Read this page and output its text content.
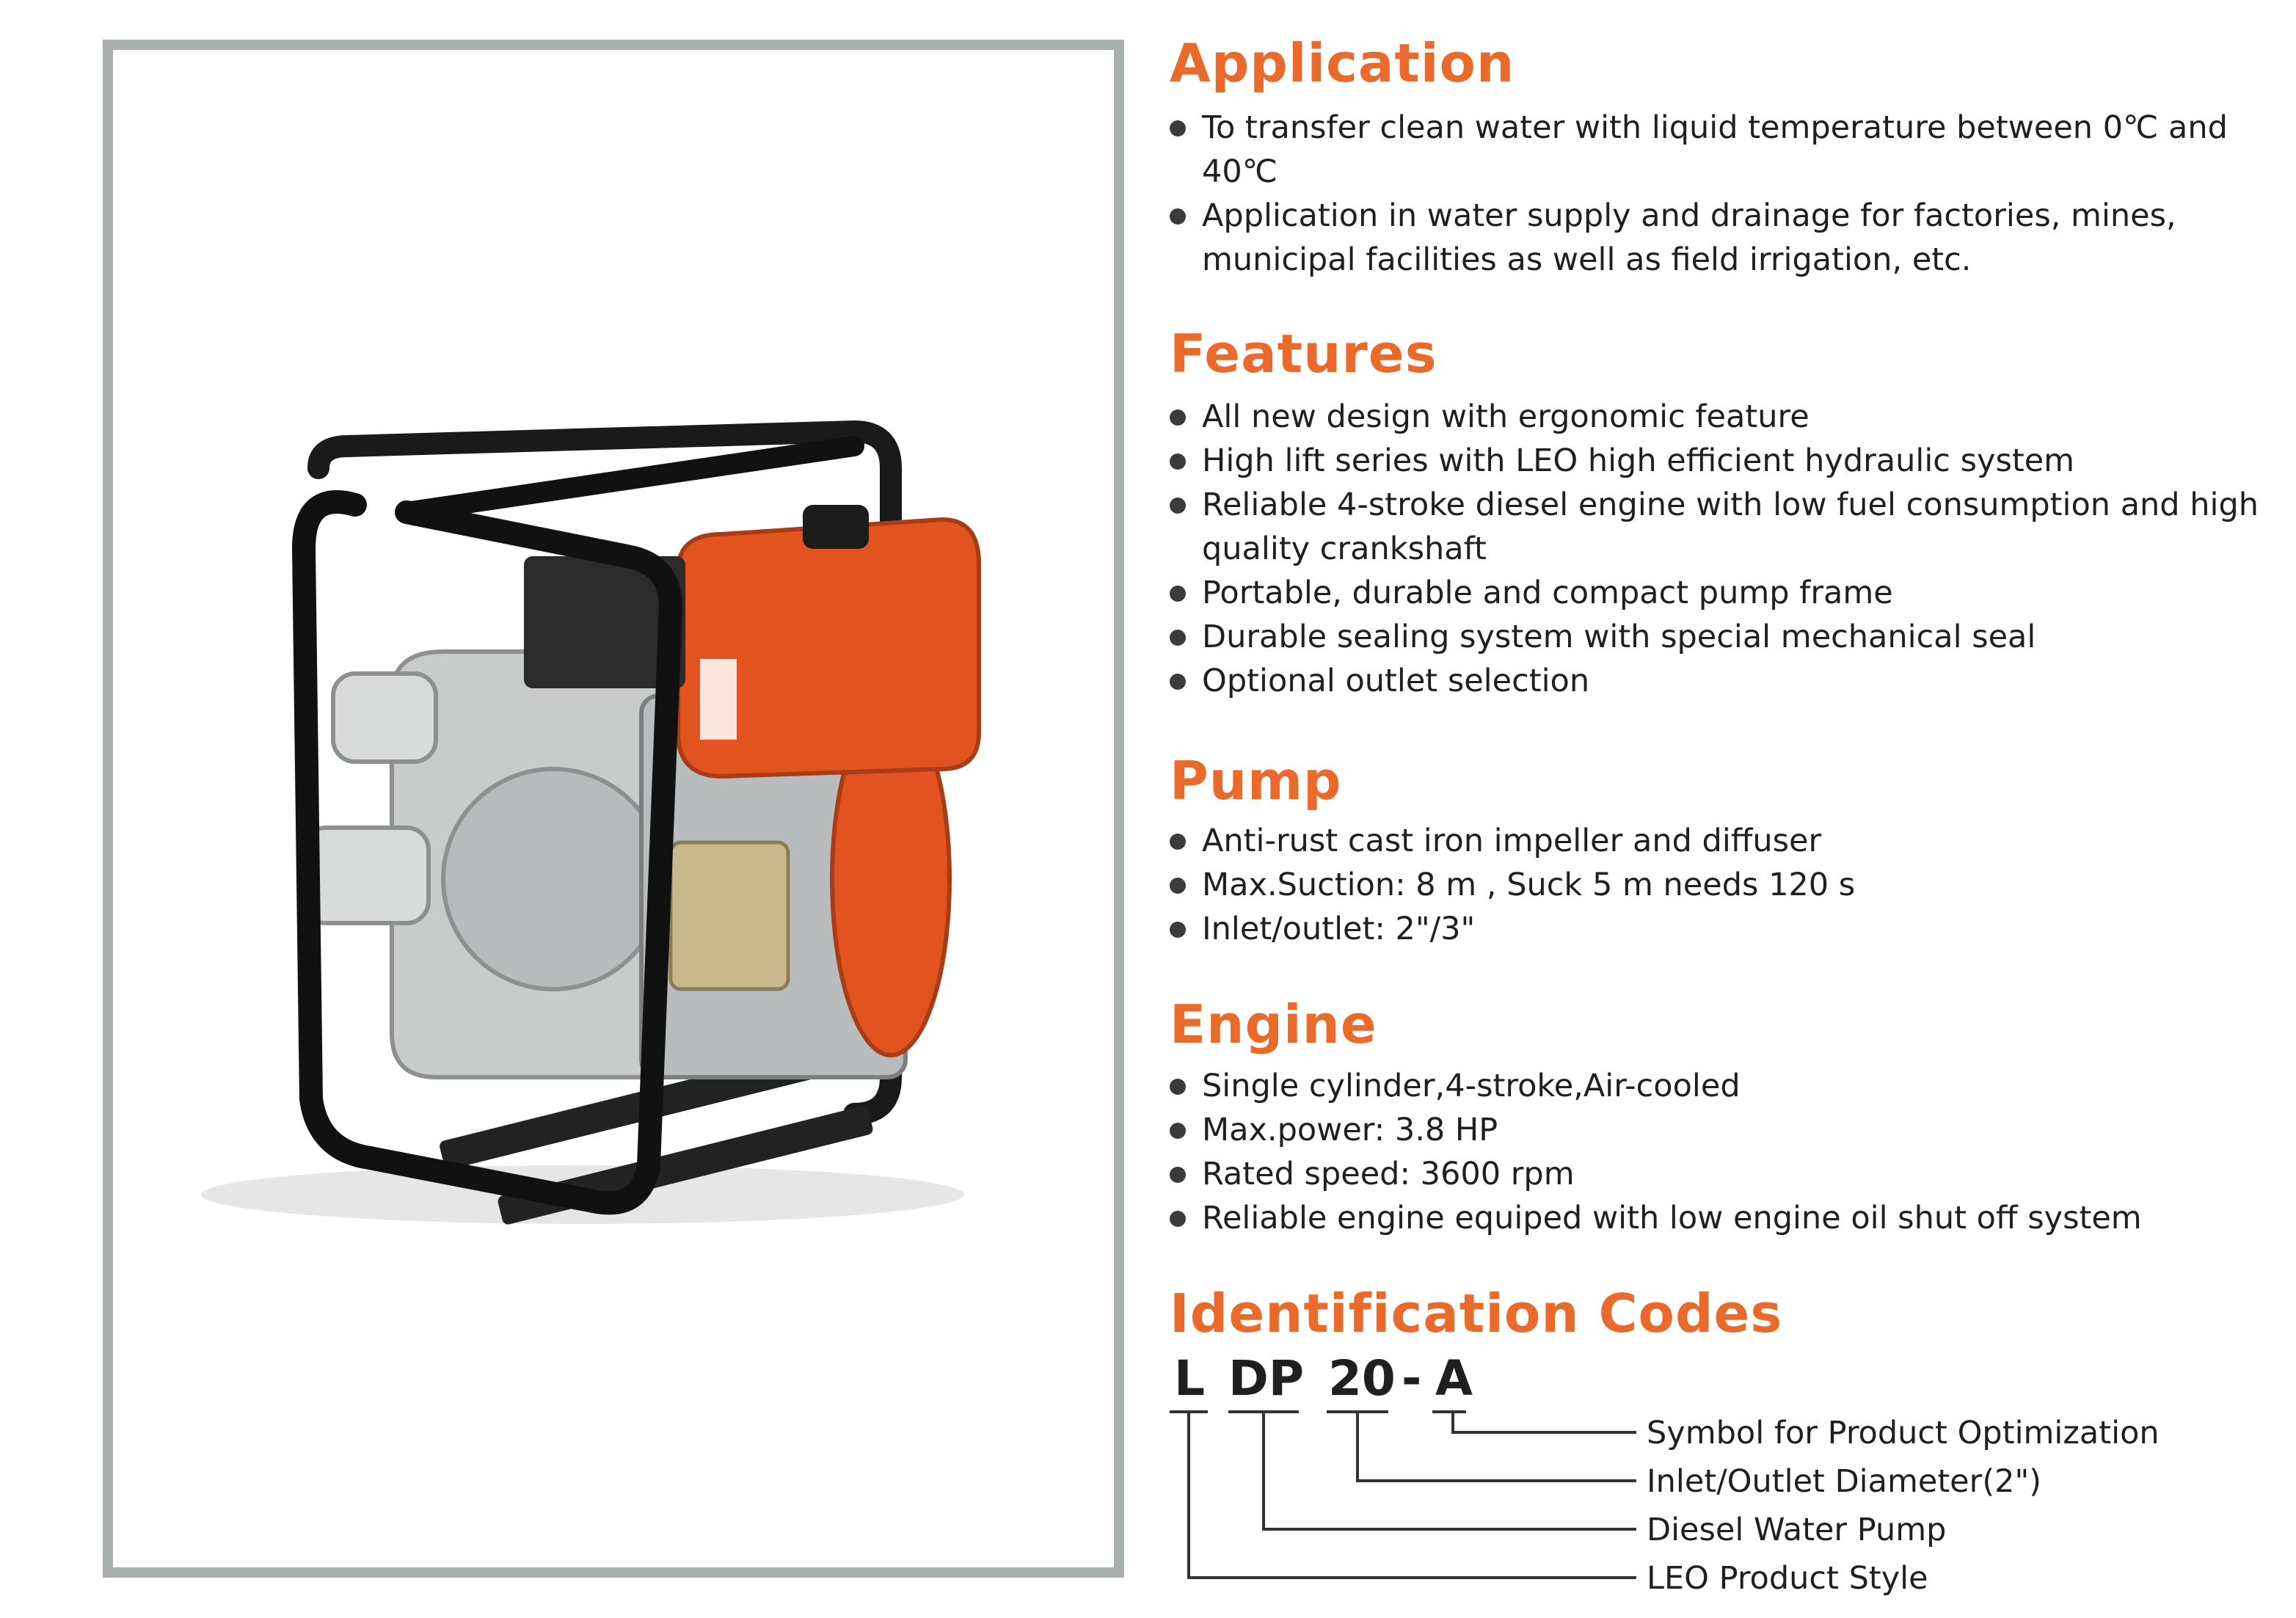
Application
To transfer clean water with liquid temperature between 0℃ and 40℃
Application in water supply and drainage for factories, mines, municipal facilities as well as field irrigation, etc.
Features
All new design with ergonomic feature
High lift series with LEO high efficient hydraulic system
Reliable 4-stroke diesel engine with low fuel consumption and high quality crankshaft
Portable, durable and compact pump frame
Durable sealing system with special mechanical seal
Optional outlet selection
Pump
Anti-rust cast iron impeller and diffuser
Max.Suction: 8 m , Suck 5 m needs 120 s
Inlet/outlet: 2"/3"
Engine
Single cylinder,4-stroke,Air-cooled
Max.power: 3.8 HP
Rated speed: 3600 rpm
Reliable engine equiped with low engine oil shut off system
Identification Codes
L DP 20 - A
Symbol for Product Optimization
Inlet/Outlet Diameter(2")
Diesel Water Pump
LEO Product Style
